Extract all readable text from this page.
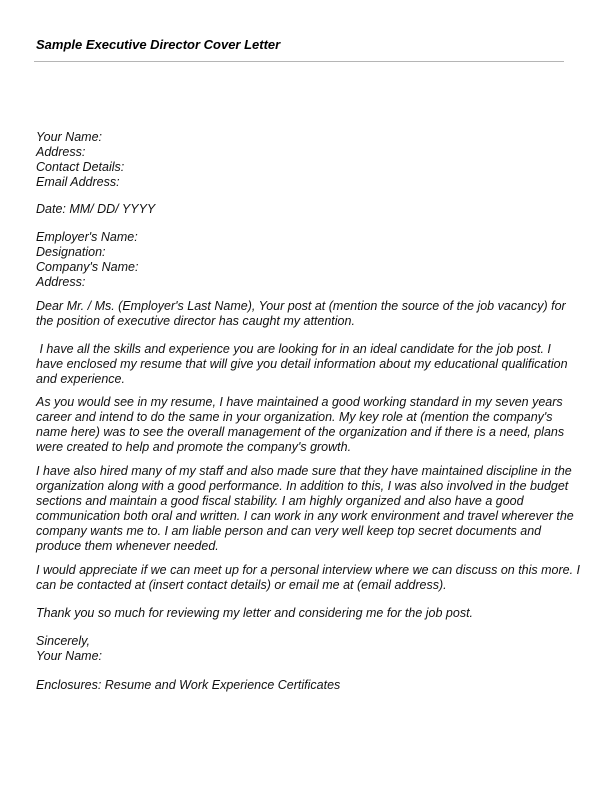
Sample Executive Director Cover Letter
Your Name:
Address:
Contact Details:
Email Address:
Date: MM/ DD/ YYYY
Employer's Name:
Designation:
Company's Name:
Address:
Dear Mr. / Ms. (Employer's Last Name), Your post at (mention the source of the job vacancy) for
the position of executive director has caught my attention.
I have all the skills and experience you are looking for in an ideal candidate for the job post. I
have enclosed my resume that will give you detail information about my educational qualification
and experience.
As you would see in my resume, I have maintained a good working standard in my seven years
career and intend to do the same in your organization. My key role at (mention the company's
name here) was to see the overall management of the organization and if there is a need, plans
were created to help and promote the company's growth.
I have also hired many of my staff and also made sure that they have maintained discipline in the
organization along with a good performance. In addition to this, I was also involved in the budget
sections and maintain a good fiscal stability. I am highly organized and also have a good
communication both oral and written. I can work in any work environment and travel wherever the
company wants me to. I am liable person and can very well keep top secret documents and
produce them whenever needed.
I would appreciate if we can meet up for a personal interview where we can discuss on this more. I
can be contacted at (insert contact details) or email me at (email address).
Thank you so much for reviewing my letter and considering me for the job post.
Sincerely,
Your Name:
Enclosures: Resume and Work Experience Certificates
